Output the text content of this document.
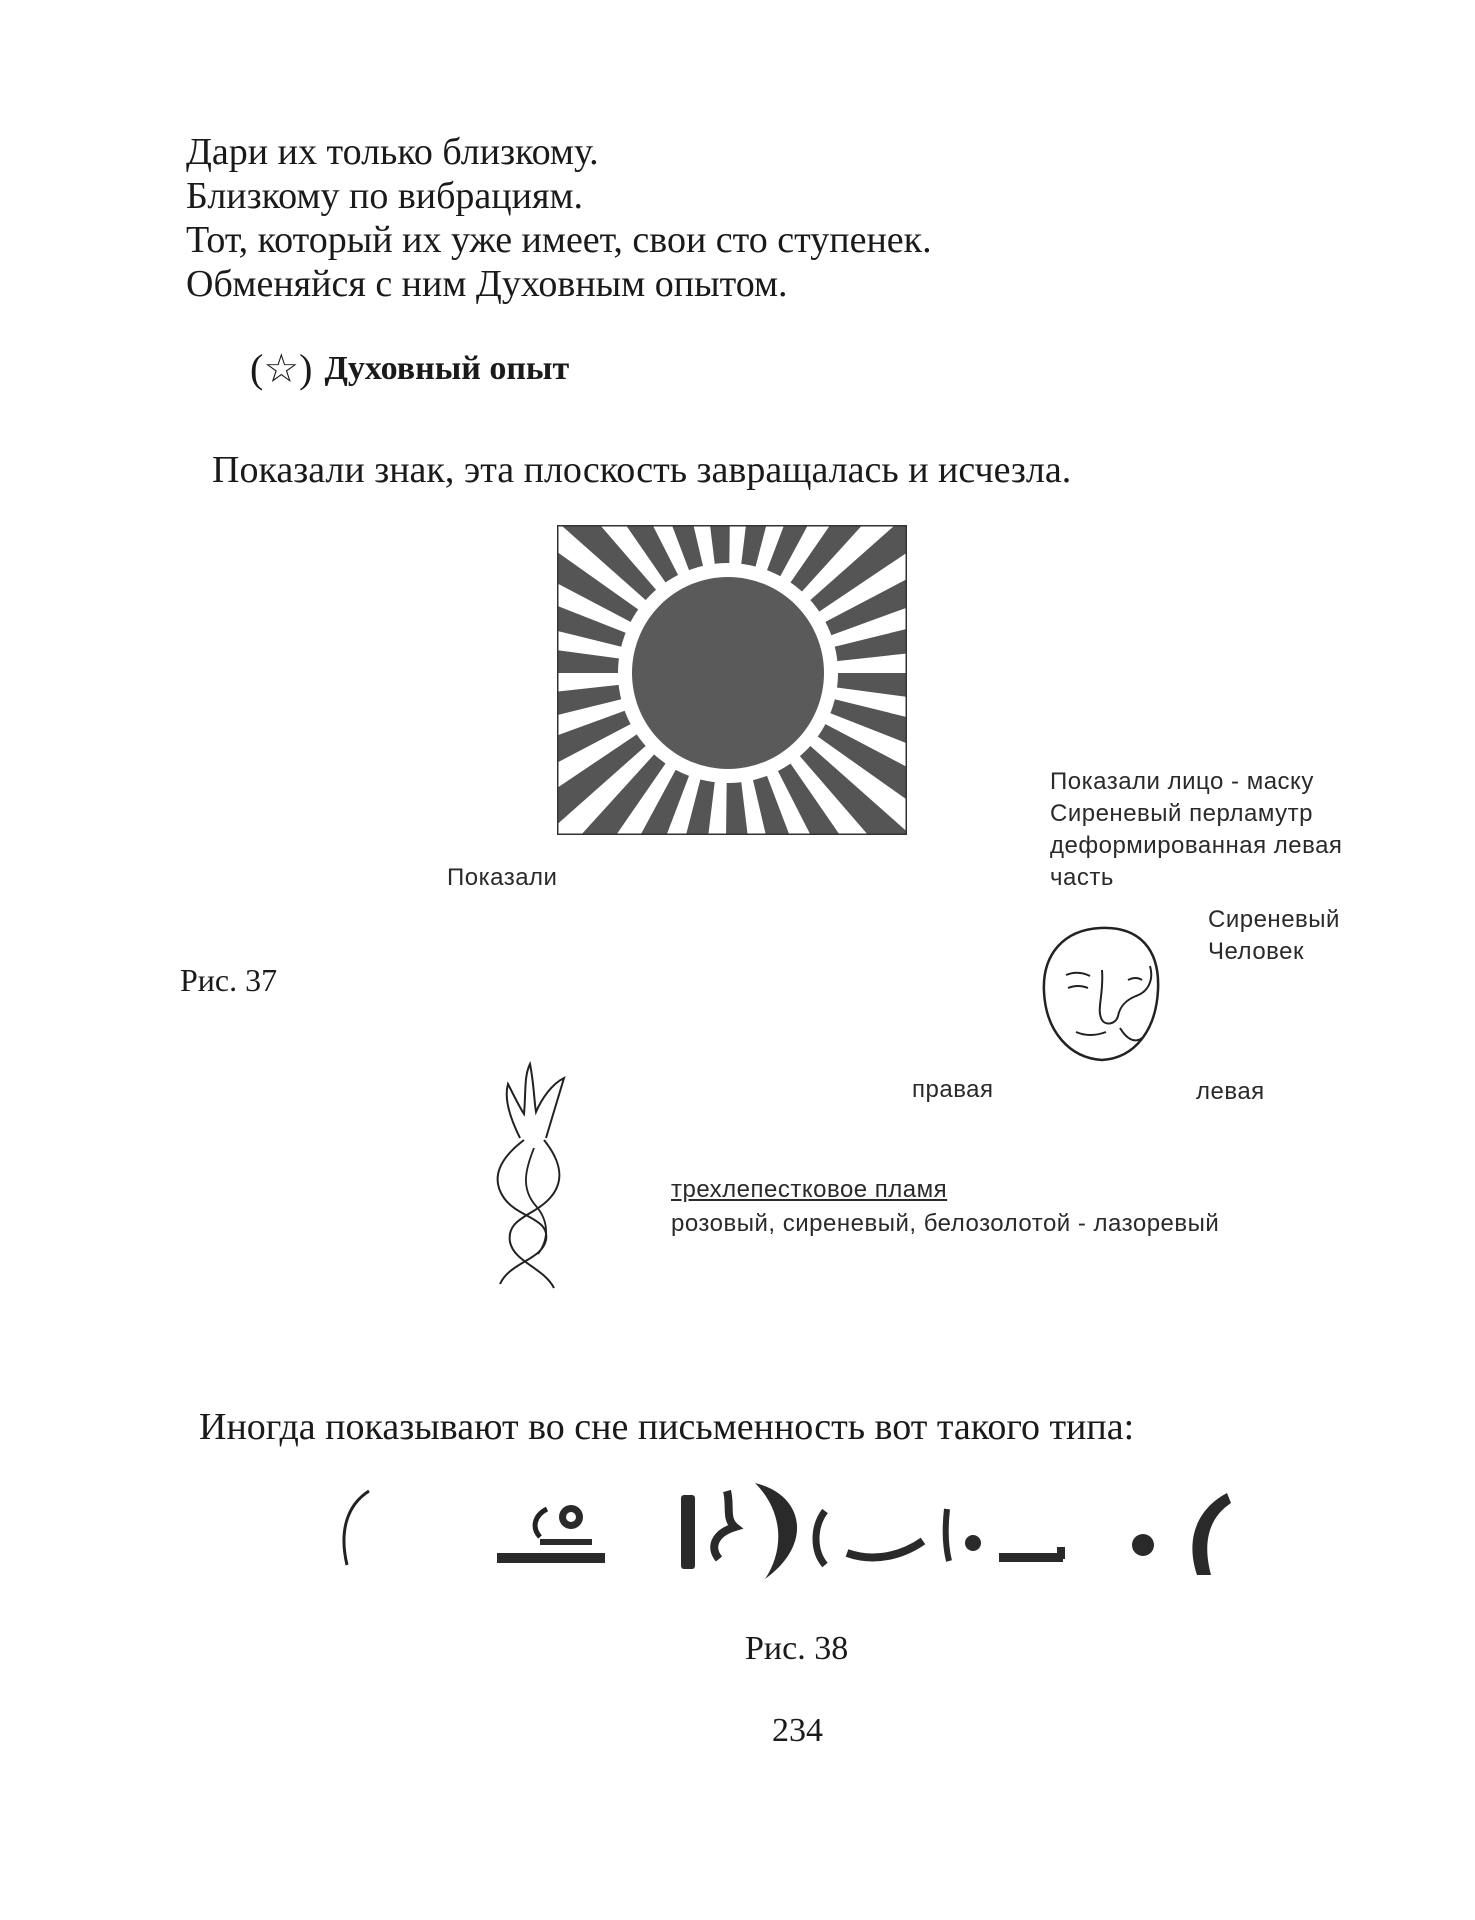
Дари их только близкому.

Близкому по вибрациям.

Тот, который их уже имеет, свои сто ступенек.

Обменяйся с ним Духовным опытом.

(☆) Духовный опыт

Показали знак, эта плоскость завращалась и исчезла.

Показали

Рис. 37

Показали лицо - маску
Сиреневый перламутр
деформированная левая
часть
Сиреневый
Человек

правая	левая

трехлепестковое пламя

розовый, сиреневый, белозолотой - лазоревый

Иногда показывают во сне письменность вот такого типа:

Рис. 38

234
